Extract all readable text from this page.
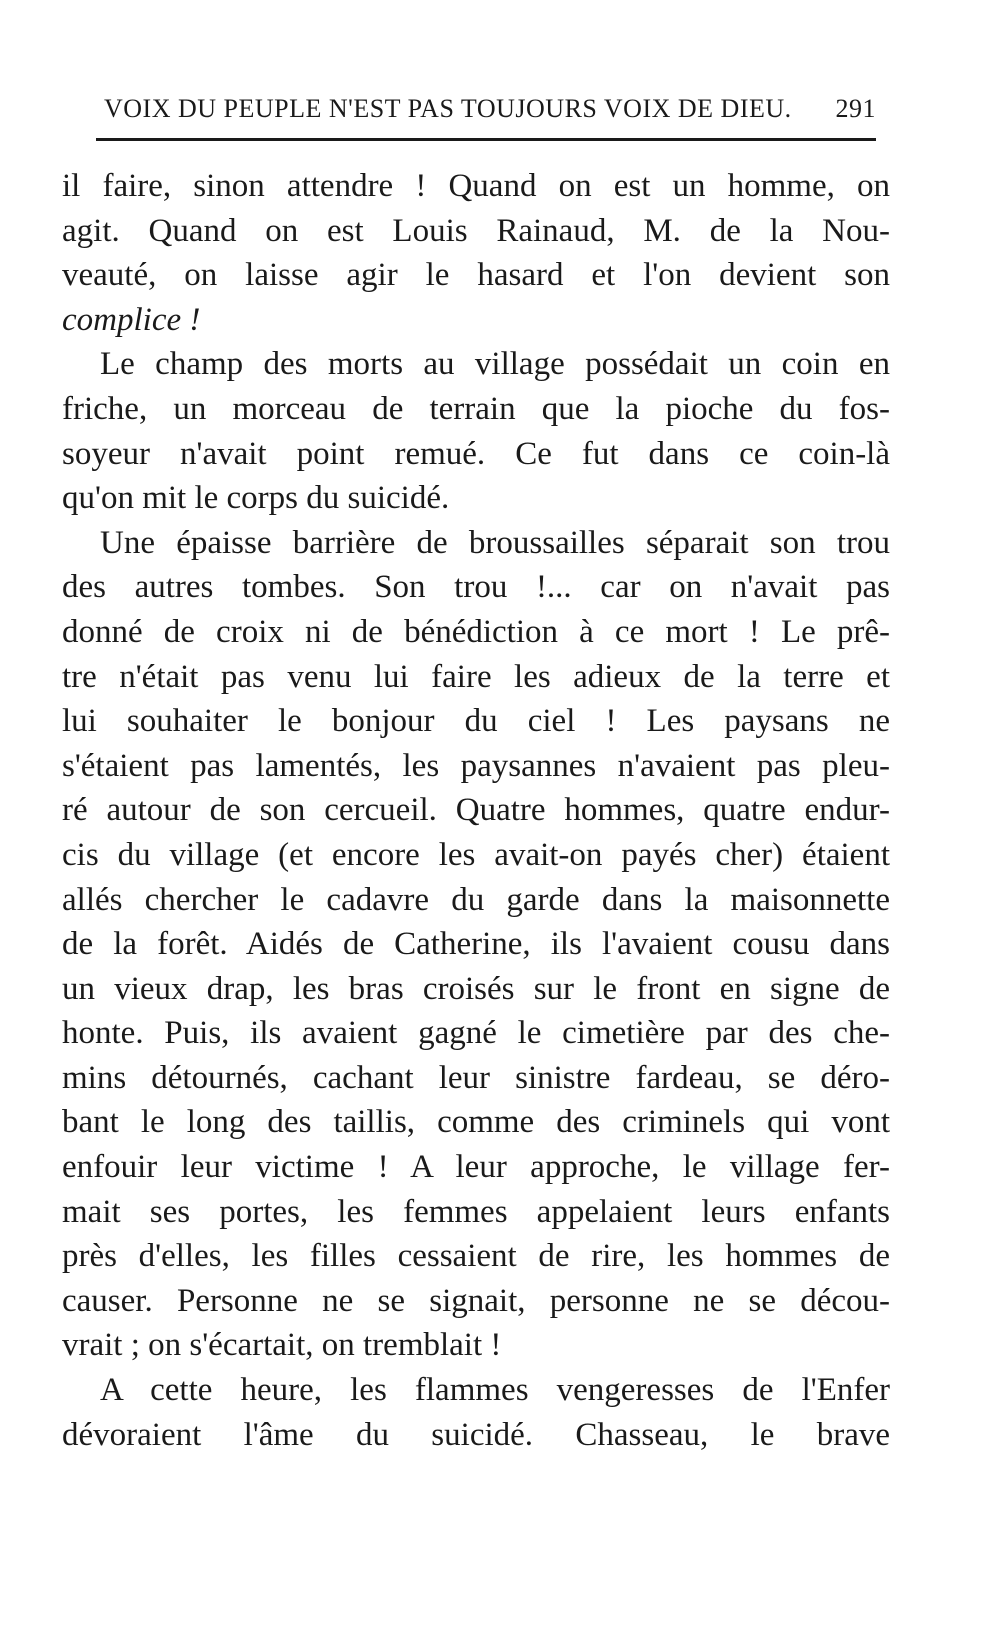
VOIX DU PEUPLE N'EST PAS TOUJOURS VOIX DE DIEU. 291
il faire, sinon attendre ! Quand on est un homme, on
agit. Quand on est Louis Rainaud, M. de la Nou-
veauté, on laisse agir le hasard et l'on devient son
complice !
Le champ des morts au village possédait un coin en
friche, un morceau de terrain que la pioche du fos-
soyeur n'avait point remué. Ce fut dans ce coin-là
qu'on mit le corps du suicidé.
Une épaisse barrière de broussailles séparait son trou
des autres tombes. Son trou !... car on n'avait pas
donné de croix ni de bénédiction à ce mort ! Le prê-
tre n'était pas venu lui faire les adieux de la terre et
lui souhaiter le bonjour du ciel ! Les paysans ne
s'étaient pas lamentés, les paysannes n'avaient pas pleu-
ré autour de son cercueil. Quatre hommes, quatre endur-
cis du village (et encore les avait-on payés cher) étaient
allés chercher le cadavre du garde dans la maisonnette
de la forêt. Aidés de Catherine, ils l'avaient cousu dans
un vieux drap, les bras croisés sur le front en signe de
honte. Puis, ils avaient gagné le cimetière par des che-
mins détournés, cachant leur sinistre fardeau, se déro-
bant le long des taillis, comme des criminels qui vont
enfouir leur victime ! A leur approche, le village fer-
mait ses portes, les femmes appelaient leurs enfants
près d'elles, les filles cessaient de rire, les hommes de
causer. Personne ne se signait, personne ne se décou-
vrait ; on s'écartait, on tremblait !
A cette heure, les flammes vengeresses de l'Enfer
dévoraient l'âme du suicidé. Chasseau, le brave
